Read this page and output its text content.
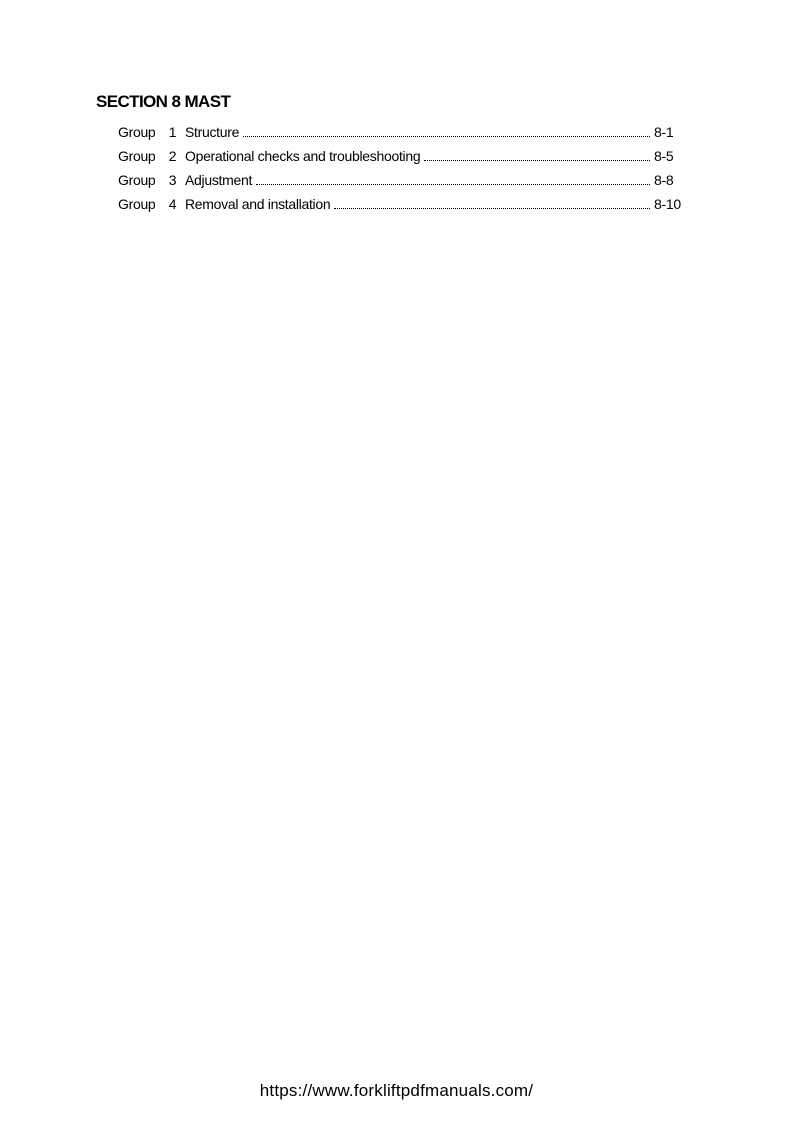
SECTION 8 MAST
Group 1 Structure	8-1
Group 2 Operational checks and troubleshooting	8-5
Group 3 Adjustment	8-8
Group 4 Removal and installation	8-10
https://www.forkliftpdfmanuals.com/
